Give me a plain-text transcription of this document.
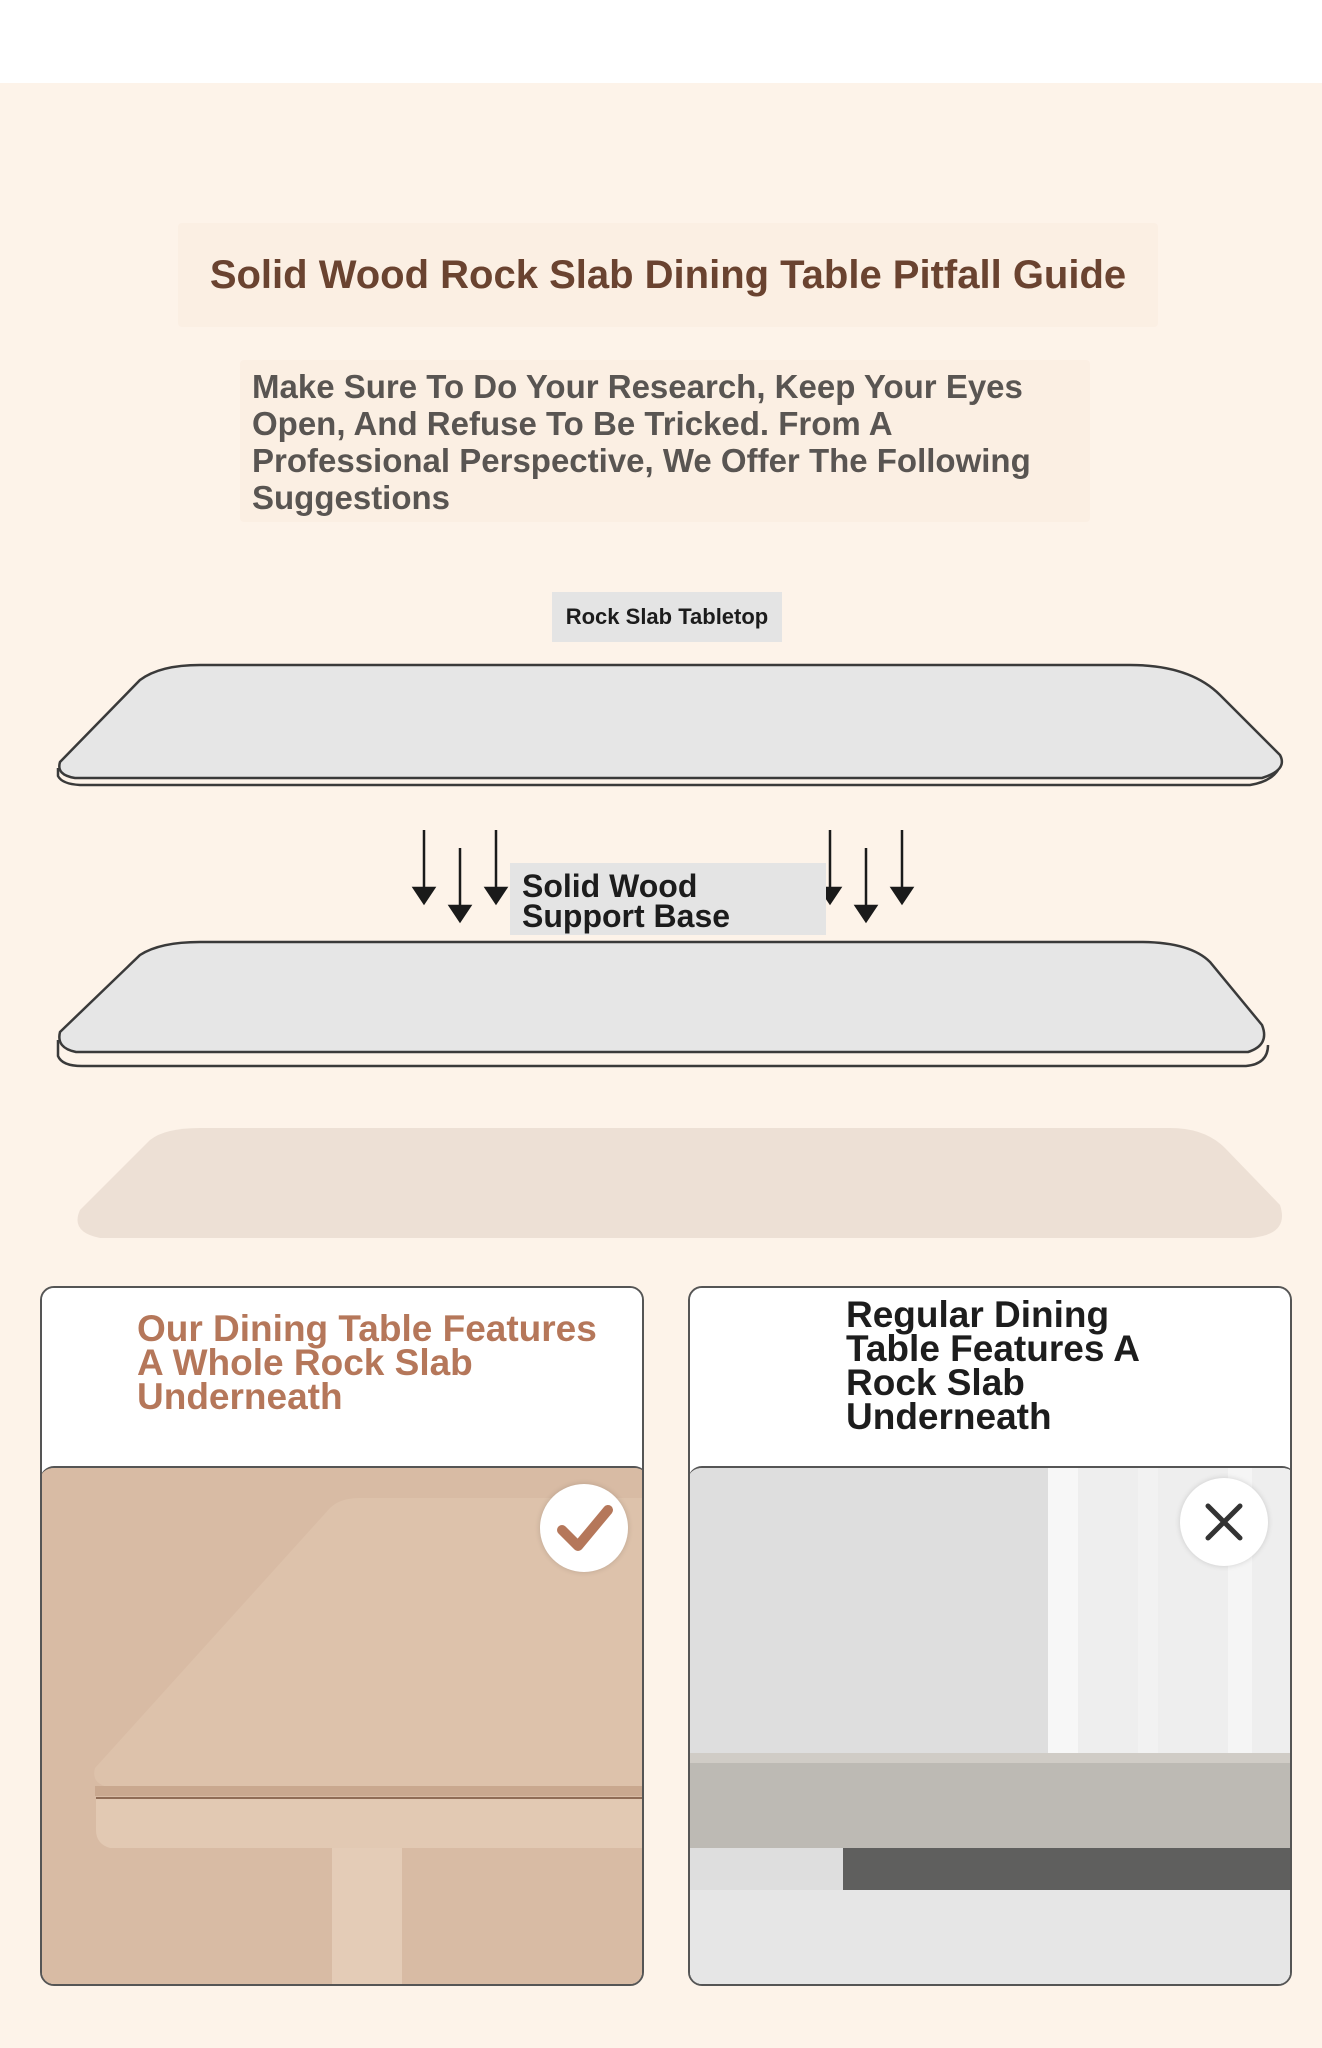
Solid Wood Rock Slab Dining Table Pitfall Guide
Make Sure To Do Your Research, Keep Your Eyes Open, And Refuse To Be Tricked. From A Professional Perspective, We Offer The Following Suggestions
Rock Slab Tabletop
Solid Wood Support Base
Our Dining Table Features A Whole Rock Slab Underneath
Regular Dining Table Features A Rock Slab Underneath
